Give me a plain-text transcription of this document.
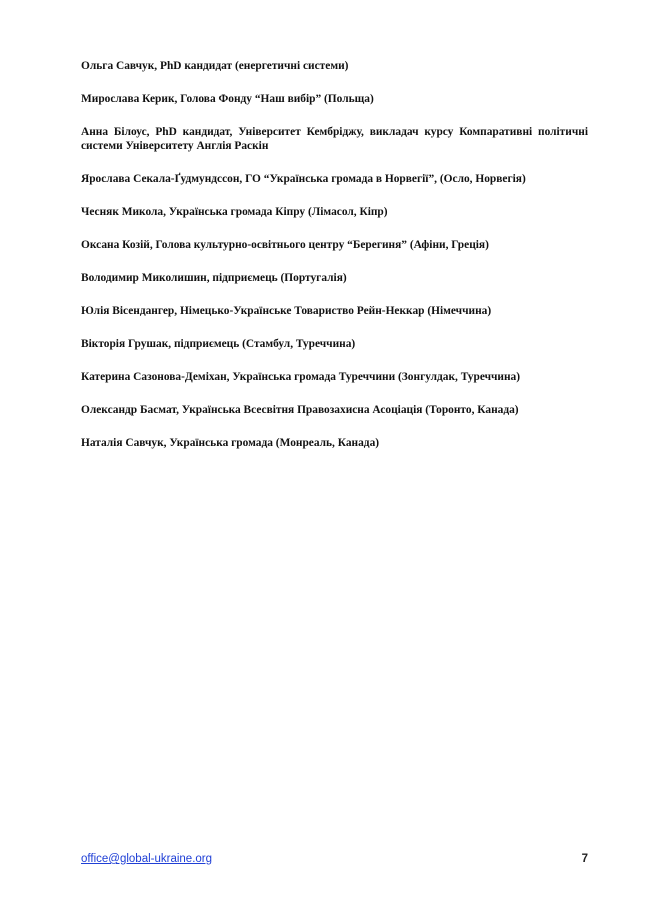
Ольга Савчук, PhD кандидат (енергетичні системи)

Мирослава Керик, Голова Фонду “Наш вибір” (Польща)

Анна Білоус, PhD кандидат, Університет Кембріджу, викладач курсу Компаративні політичні системи Університету Англія Раскін

Ярослава Секала-Ґудмундссон, ГО “Українська громада в Норвегії”, (Осло, Норвегія)

Чесняк Микола, Українська громада Кіпру (Лімасол, Кіпр)

Оксана Козій, Голова культурно-освітнього центру “Берегиня” (Афіни, Греція)

Володимир Миколишин, підприємець (Португалія)

Юлія Вісендангер, Німецько-Українське Товариство Рейн-Неккар (Німеччина)

Вікторія Грушак, підприємець (Стамбул, Туреччина)

Катерина Сазонова-Деміхан, Українська громада Туреччини (Зонгулдак, Туреччина)

Олександр Басмат, Українська Всесвітня Правозахисна Асоціація (Торонто, Канада)

Наталія Савчук, Українська громада (Монреаль, Канада)

office@global-ukraine.org	7
